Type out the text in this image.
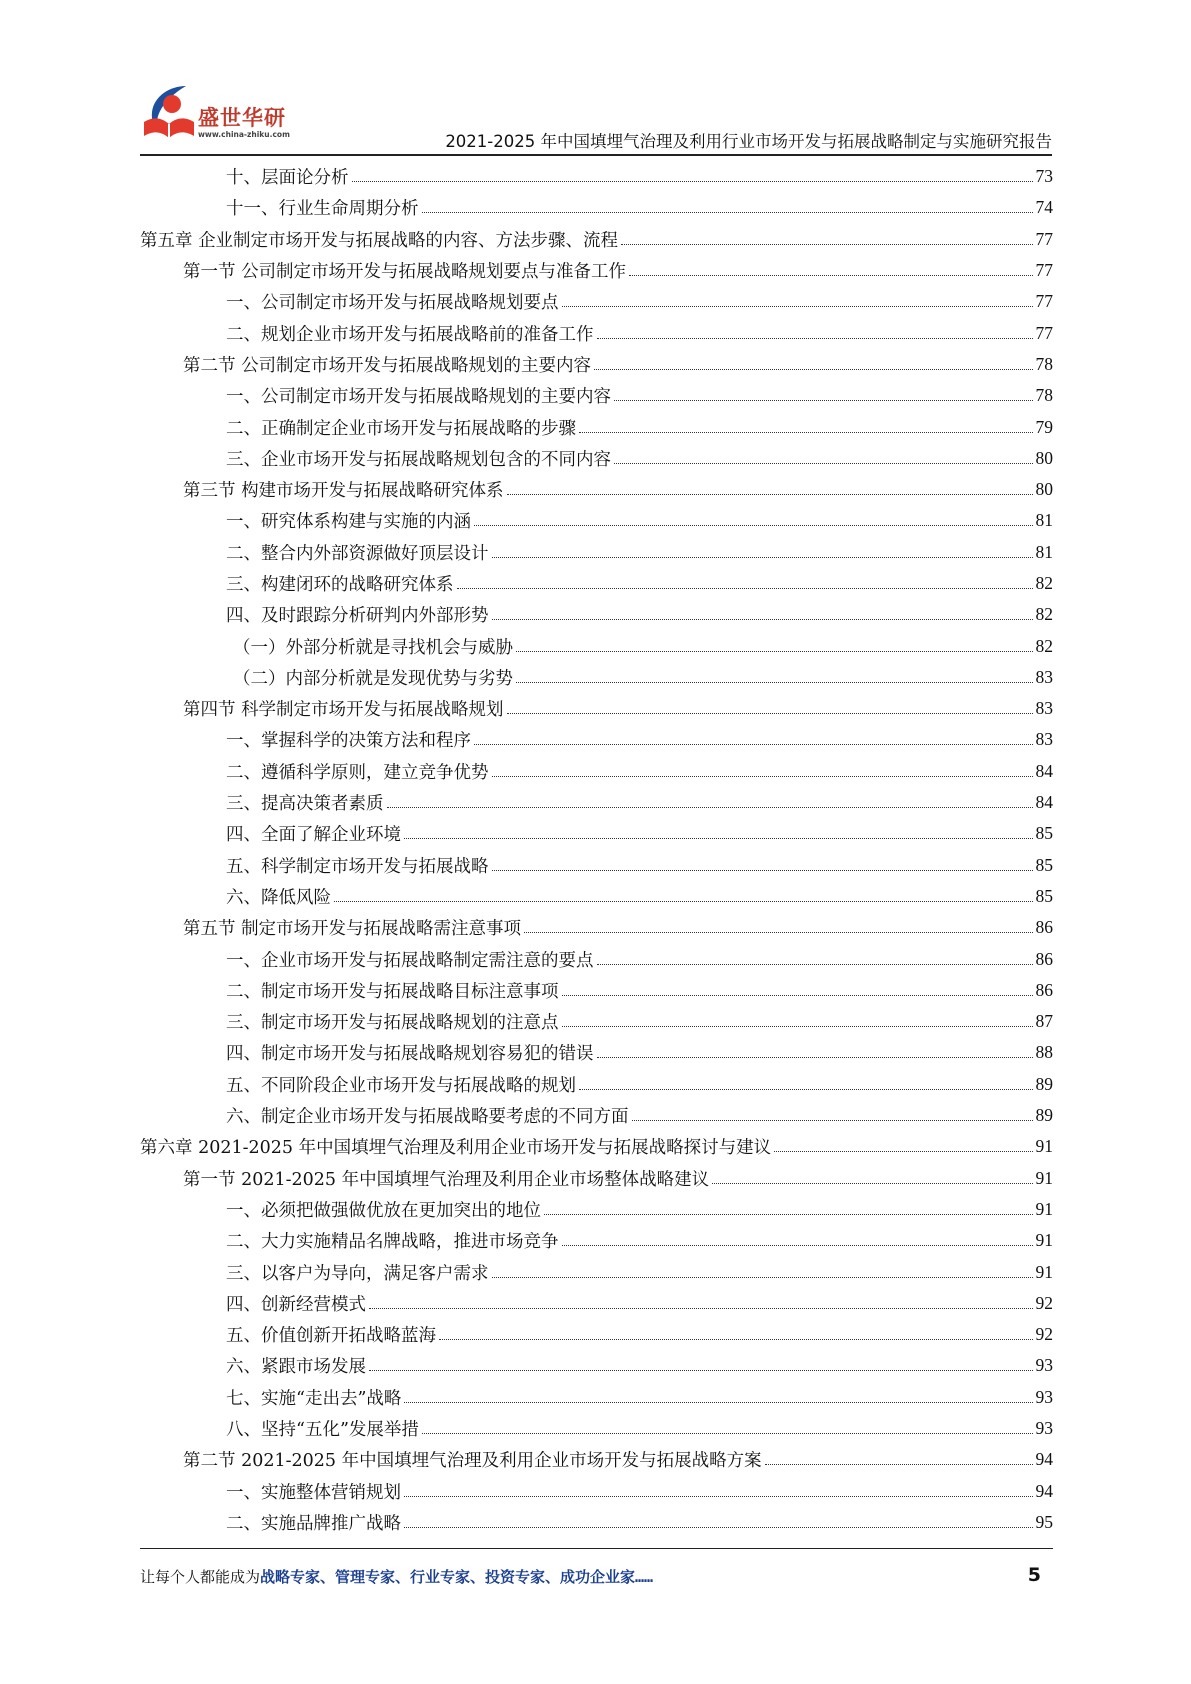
盛世华研
www.china-zhiku.com	2021-2025 年中国填埋气治理及利用行业市场开发与拓展战略制定与实施研究报告
十、层面论分析	73
十一、行业生命周期分析	74
第五章 企业制定市场开发与拓展战略的内容、方法步骤、流程	77
第一节 公司制定市场开发与拓展战略规划要点与准备工作	77
一、公司制定市场开发与拓展战略规划要点	77
二、规划企业市场开发与拓展战略前的准备工作	77
第二节 公司制定市场开发与拓展战略规划的主要内容	78
一、公司制定市场开发与拓展战略规划的主要内容	78
二、正确制定企业市场开发与拓展战略的步骤	79
三、企业市场开发与拓展战略规划包含的不同内容	80
第三节 构建市场开发与拓展战略研究体系	80
一、研究体系构建与实施的内涵	81
二、整合内外部资源做好顶层设计	81
三、构建闭环的战略研究体系	82
四、及时跟踪分析研判内外部形势	82
（一）外部分析就是寻找机会与威胁	82
（二）内部分析就是发现优势与劣势	83
第四节 科学制定市场开发与拓展战略规划	83
一、掌握科学的决策方法和程序	83
二、遵循科学原则，建立竞争优势	84
三、提高决策者素质	84
四、全面了解企业环境	85
五、科学制定市场开发与拓展战略	85
六、降低风险	85
第五节 制定市场开发与拓展战略需注意事项	86
一、企业市场开发与拓展战略制定需注意的要点	86
二、制定市场开发与拓展战略目标注意事项	86
三、制定市场开发与拓展战略规划的注意点	87
四、制定市场开发与拓展战略规划容易犯的错误	88
五、不同阶段企业市场开发与拓展战略的规划	89
六、制定企业市场开发与拓展战略要考虑的不同方面	89
第六章 2021-2025 年中国填埋气治理及利用企业市场开发与拓展战略探讨与建议	91
第一节 2021-2025 年中国填埋气治理及利用企业市场整体战略建议	91
一、必须把做强做优放在更加突出的地位	91
二、大力实施精品名牌战略，推进市场竞争	91
三、以客户为导向，满足客户需求	91
四、创新经营模式	92
五、价值创新开拓战略蓝海	92
六、紧跟市场发展	93
七、实施“走出去”战略	93
八、坚持“五化”发展举措	93
第二节 2021-2025 年中国填埋气治理及利用企业市场开发与拓展战略方案	94
一、实施整体营销规划	94
二、实施品牌推广战略	95
让每个人都能成为战略专家、管理专家、行业专家、投资专家、成功企业家……	5
